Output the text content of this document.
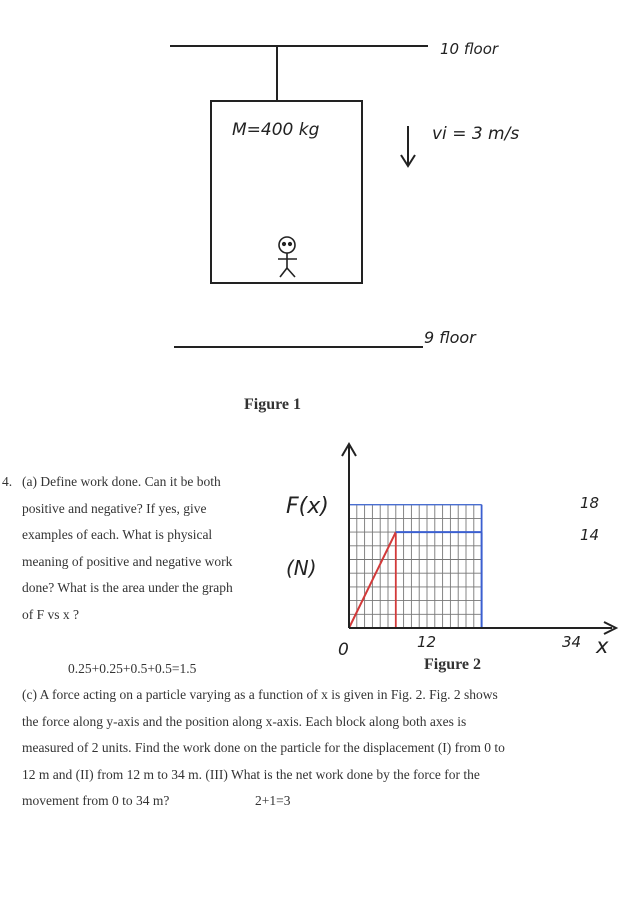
10 floor
M=400 kg	vi = 3 m/s
9 floor
Figure 1
4. (a) Define work done. Can it be both
positive and negative? If yes, give
examples of each. What is physical
meaning of positive and negative work
done? What is the area under the graph
of F vs x ?
F(x)
(N)
0	12	34 x
18
14
Figure 2
0.25+0.25+0.5+0.5=1.5
(c) A force acting on a particle varying as a function of x is given in Fig. 2. Fig. 2 shows
the force along y-axis and the position along x-axis. Each block along both axes is
measured of 2 units. Find the work done on the particle for the displacement (I) from 0 to
12 m and (II) from 12 m to 34 m. (III) What is the net work done by the force for the
movement from 0 to 34 m?	2+1=3
